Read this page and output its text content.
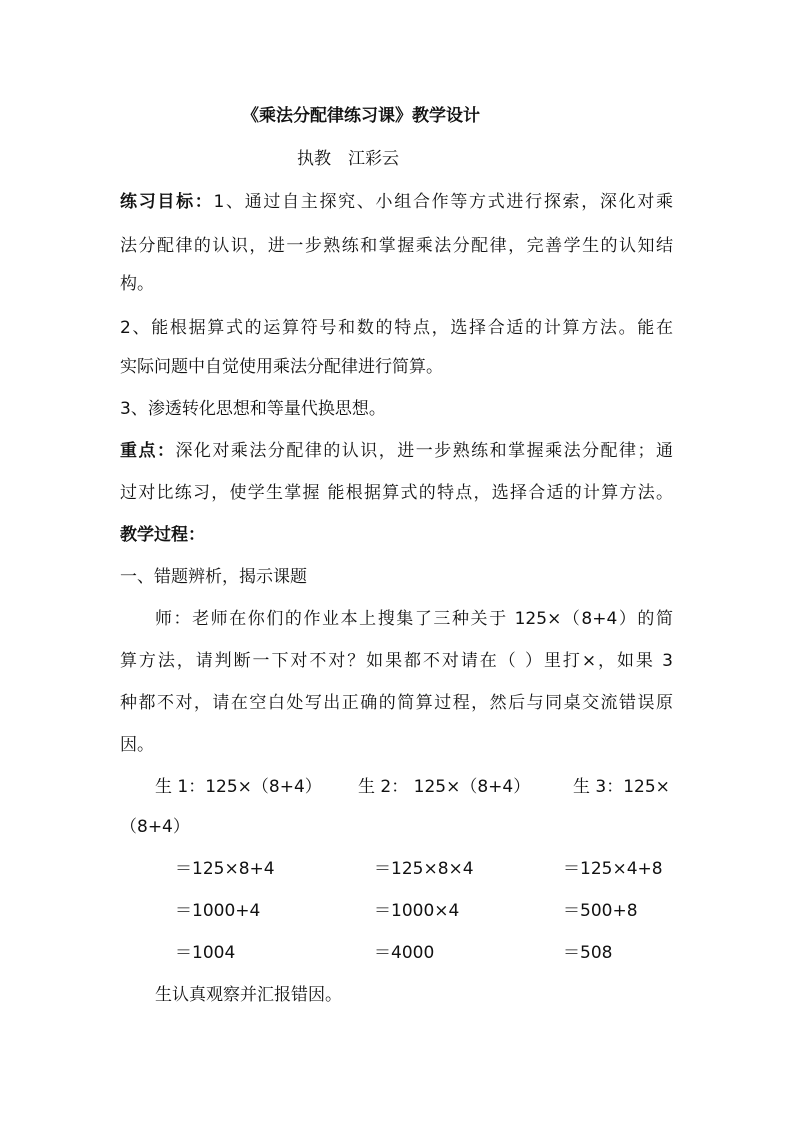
《乘法分配律练习课》教学设计
执教　江彩云
练习目标：1、通过自主探究、小组合作等方式进行探索，深化对乘
法分配律的认识，进一步熟练和掌握乘法分配律，完善学生的认知结
构。
2、能根据算式的运算符号和数的特点，选择合适的计算方法。能在
实际问题中自觉使用乘法分配律进行简算。
3、渗透转化思想和等量代换思想。
重点：深化对乘法分配律的认识，进一步熟练和掌握乘法分配律；通
过对比练习，使学生掌握 能根据算式的特点，选择合适的计算方法。
教学过程：
一、错题辨析，揭示课题
师：老师在你们的作业本上搜集了三种关于 125×（8+4）的简
算方法，请判断一下对不对？如果都不对请在（ ）里打×，如果 3
种都不对，请在空白处写出正确的简算过程，然后与同桌交流错误原
因。
生 1：125×（8+4） 生 2： 125×（8+4）	生 3：125×
（8+4）
＝125×8+4
＝1000+4
＝1004
＝125×8×4
＝1000×4
＝4000
＝125×4+8
＝500+8
＝508
生认真观察并汇报错因。
